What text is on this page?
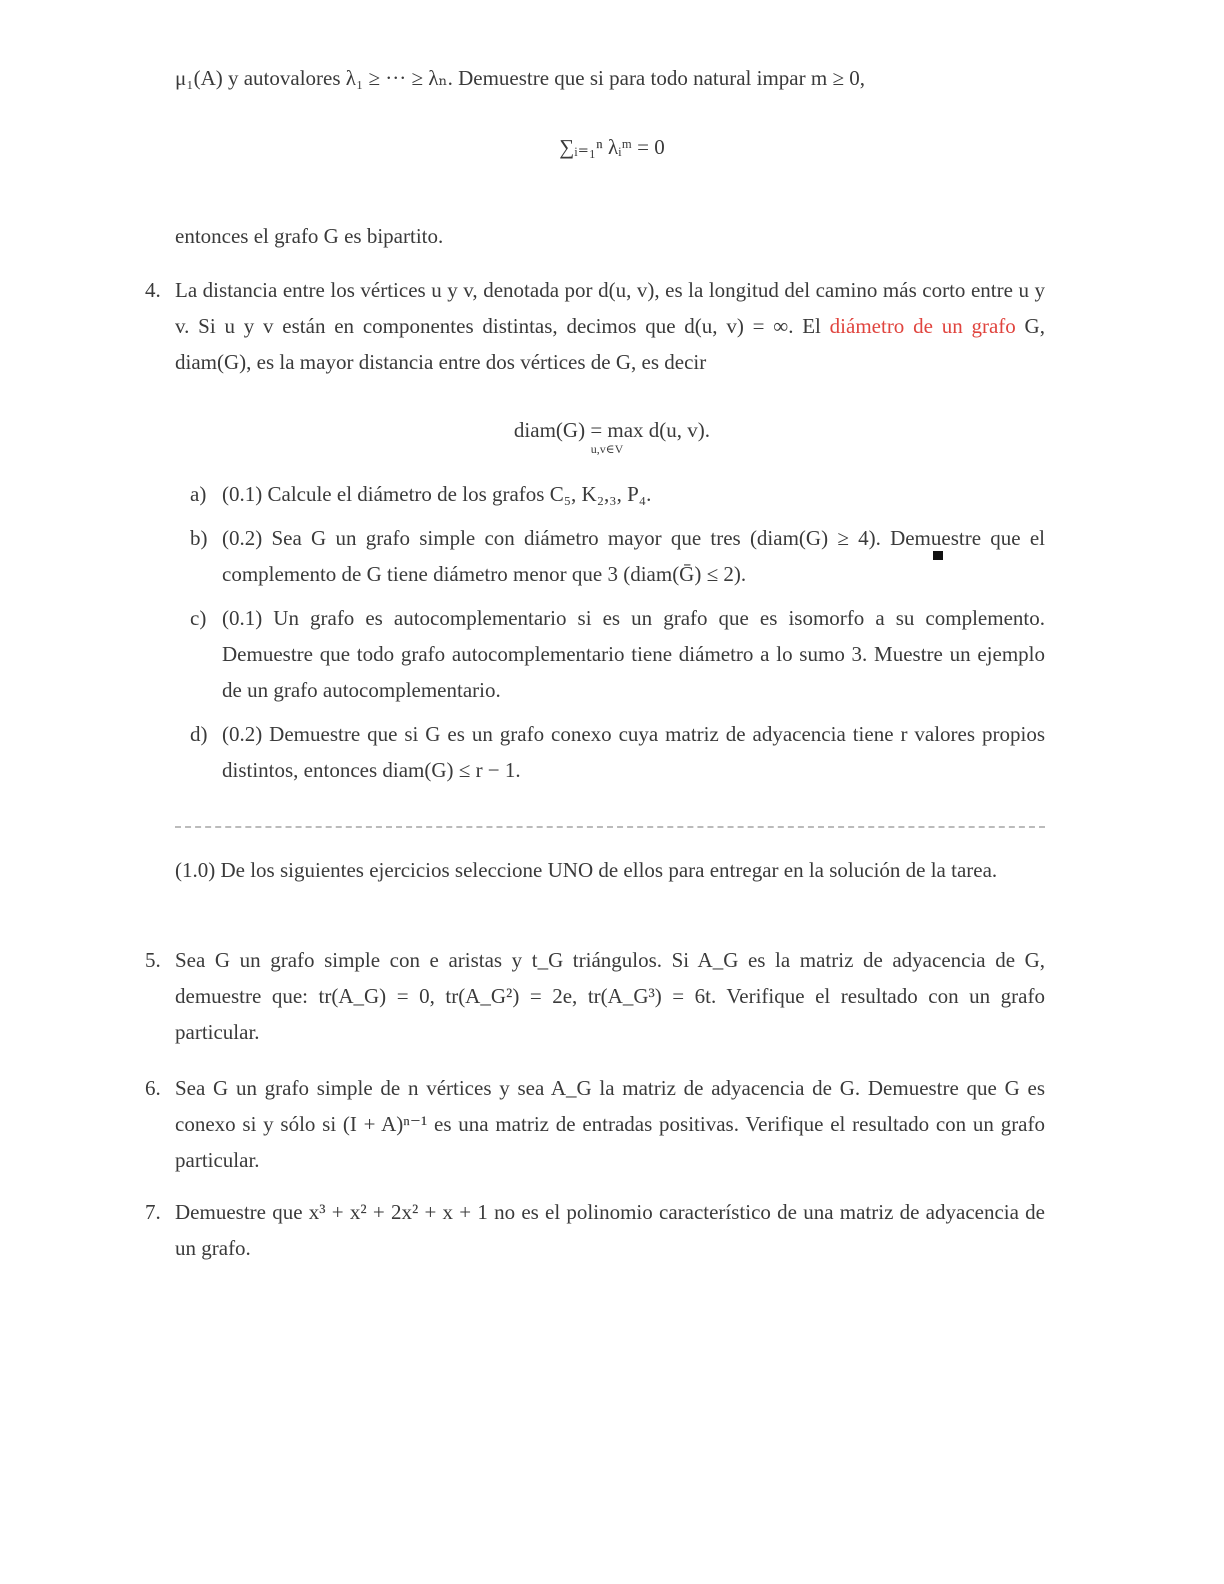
μ₁(A) y autovalores λ₁ ≥ ··· ≥ λₙ. Demuestre que si para todo natural impar m ≥ 0,
∑ᵢ₌₁ⁿ λᵢᵐ = 0
entonces el grafo G es bipartito.
4. La distancia entre los vértices u y v, denotada por d(u, v), es la longitud del camino más corto entre u y v. Si u y v están en componentes distintas, decimos que d(u, v) = ∞. El diámetro de un grafo G, diam(G), es la mayor distancia entre dos vértices de G, es decir
diam(G) = max d(u, v).
u,v∈V
a) (0.1) Calcule el diámetro de los grafos C₅, K₂,₃, P₄.
b) (0.2) Sea G un grafo simple con diámetro mayor que tres (diam(G) ≥ 4). Demuestre que el complemento de G tiene diámetro menor que 3 (diam(Ḡ) ≤ 2).
c) (0.1) Un grafo es autocomplementario si es un grafo que es isomorfo a su complemento. Demuestre que todo grafo autocomplementario tiene diámetro a lo sumo 3. Muestre un ejemplo de un grafo autocomplementario.
d) (0.2) Demuestre que si G es un grafo conexo cuya matriz de adyacencia tiene r valores propios distintos, entonces diam(G) ≤ r − 1.
(1.0) De los siguientes ejercicios seleccione UNO de ellos para entregar en la solución de la tarea.
5. Sea G un grafo simple con e aristas y t_G triángulos. Si A_G es la matriz de adyacencia de G, demuestre que: tr(A_G) = 0, tr(A_G²) = 2e, tr(A_G³) = 6t. Verifique el resultado con un grafo particular.
6. Sea G un grafo simple de n vértices y sea A_G la matriz de adyacencia de G. Demuestre que G es conexo si y sólo si (I + A)ⁿ⁻¹ es una matriz de entradas positivas. Verifique el resultado con un grafo particular.
7. Demuestre que x³ + x² + 2x² + x + 1 no es el polinomio característico de una matriz de adyacencia de un grafo.
